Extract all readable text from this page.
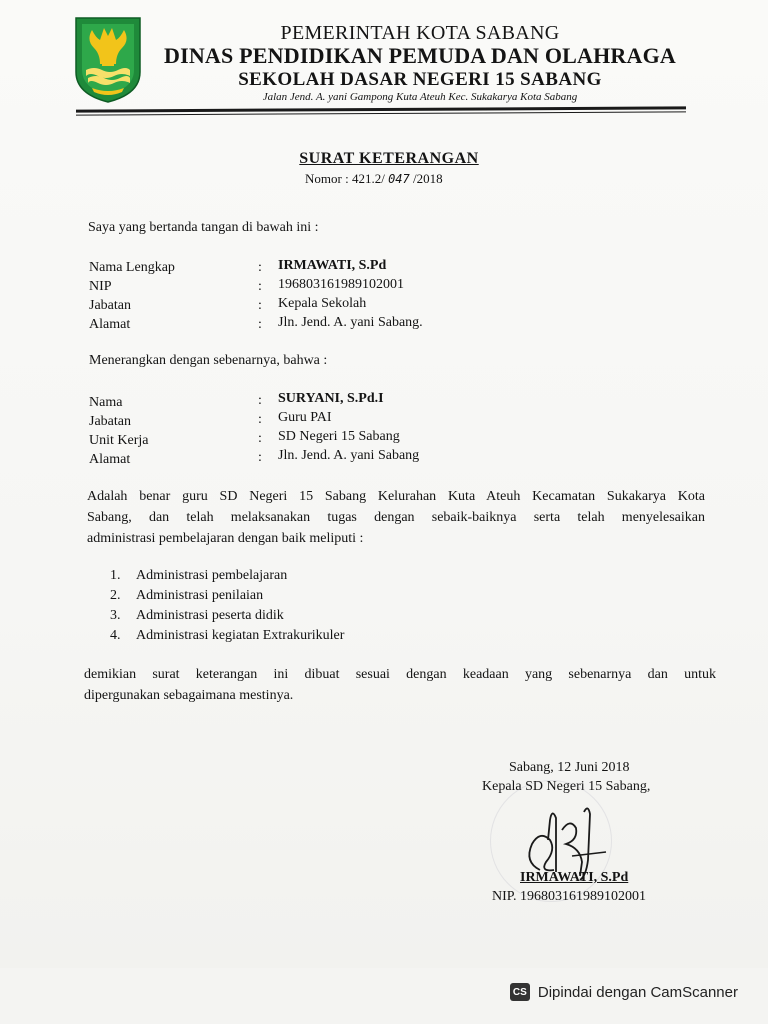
PEMERINTAH KOTA SABANG
DINAS PENDIDIKAN PEMUDA DAN OLAHRAGA
SEKOLAH DASAR NEGERI 15 SABANG
Jalan Jend. A. yani Gampong Kuta Ateuh Kec. Sukakarya Kota Sabang
SURAT KETERANGAN
Nomor : 421.2/ 047 /2018
Saya yang bertanda tangan di bawah ini :
Nama Lengkap	: IRMAWATI, S.Pd
NIP	: 196803161989102001
Jabatan	: Kepala Sekolah
Alamat	: Jln. Jend. A. yani Sabang.
Menerangkan dengan sebenarnya, bahwa :
Nama	: SURYANI, S.Pd.I
Jabatan	: Guru PAI
Unit Kerja	: SD Negeri 15 Sabang
Alamat	: Jln. Jend. A. yani Sabang
Adalah benar guru SD Negeri 15 Sabang Kelurahan Kuta Ateuh Kecamatan Sukakarya Kota
Sabang, dan telah melaksanakan tugas dengan sebaik-baiknya serta telah menyelesaikan
administrasi pembelajaran dengan baik meliputi :
1. Administrasi pembelajaran
2. Administrasi penilaian
3. Administrasi peserta didik
4. Administrasi kegiatan Extrakurikuler
demikian surat keterangan ini dibuat sesuai dengan keadaan yang sebenarnya dan untuk
dipergunakan sebagaimana mestinya.
Sabang, 12 Juni 2018
Kepala SD Negeri 15 Sabang,
IRMAWATI, S.Pd
NIP. 196803161989102001
CS Dipindai dengan CamScanner
